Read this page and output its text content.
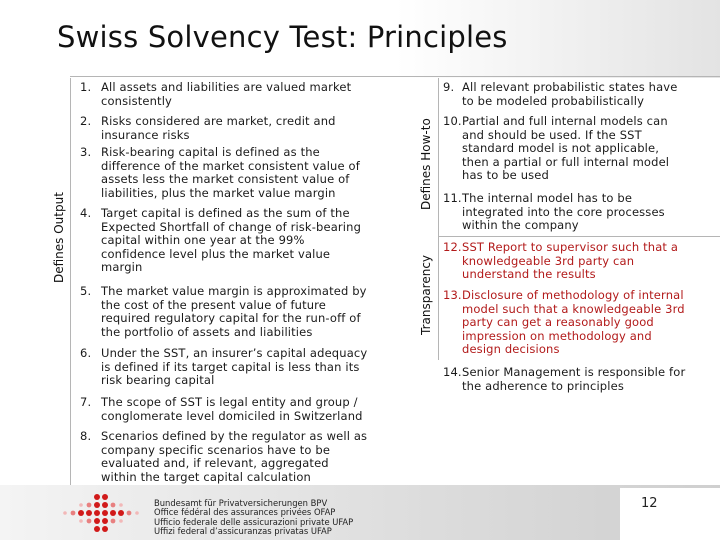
Swiss Solvency Test: Principles
Defines Output
Defines How-to
Transparency
1. All assets and liabilities are valued market
consistently
2. Risks considered are market, credit and
insurance risks
3. Risk-bearing capital is defined as the
difference of the market consistent value of
assets less the market consistent value of
liabilities, plus the market value margin
4. Target capital is defined as the sum of the
Expected Shortfall of change of risk-bearing
capital within one year at the 99%
confidence level plus the market value
margin
5. The market value margin is approximated by
the cost of the present value of future
required regulatory capital for the run-off of
the portfolio of assets and liabilities
6. Under the SST, an insurer’s capital adequacy
is defined if its target capital is less than its
risk bearing capital
7. The scope of SST is legal entity and group /
conglomerate level domiciled in Switzerland
8. Scenarios defined by the regulator as well as
company specific scenarios have to be
evaluated and, if relevant, aggregated
within the target capital calculation
9. All relevant probabilistic states have
to be modeled probabilistically
10. Partial and full internal models can
and should be used. If the SST
standard model is not applicable,
then a partial or full internal model
has to be used
11. The internal model has to be
integrated into the core processes
within the company
12. SST Report to supervisor such that a
knowledgeable 3rd party can
understand the results
13. Disclosure of methodology of internal
model such that a knowledgeable 3rd
party can get a reasonably good
impression on methodology and
design decisions
14. Senior Management is responsible for
the adherence to principles
12
Bundesamt für Privatversicherungen BPV
Office fédéral des assurances privées OFAP
Ufficio federale delle assicurazioni private UFAP
Uffizi federal d’assicuranzas privatas UFAP
